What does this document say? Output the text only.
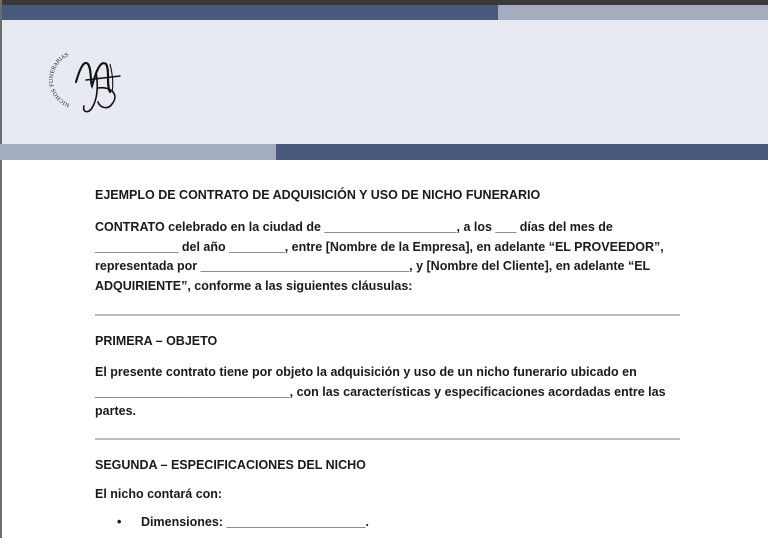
NICHOS FUNERARIAS
EJEMPLO DE CONTRATO DE ADQUISICIÓN Y USO DE NICHO FUNERARIO

CONTRATO celebrado en la ciudad de ___________________, a los ___ días del mes de ____________ del año ________, entre [Nombre de la Empresa], en adelante “EL PROVEEDOR”, representada por ______________________________, y [Nombre del Cliente], en adelante “EL ADQUIRIENTE”, conforme a las siguientes cláusulas:

PRIMERA – OBJETO

El presente contrato tiene por objeto la adquisición y uso de un nicho funerario ubicado en ____________________________, con las características y especificaciones acordadas entre las partes.

SEGUNDA – ESPECIFICACIONES DEL NICHO

El nicho contará con:

• Dimensiones: ____________________.
